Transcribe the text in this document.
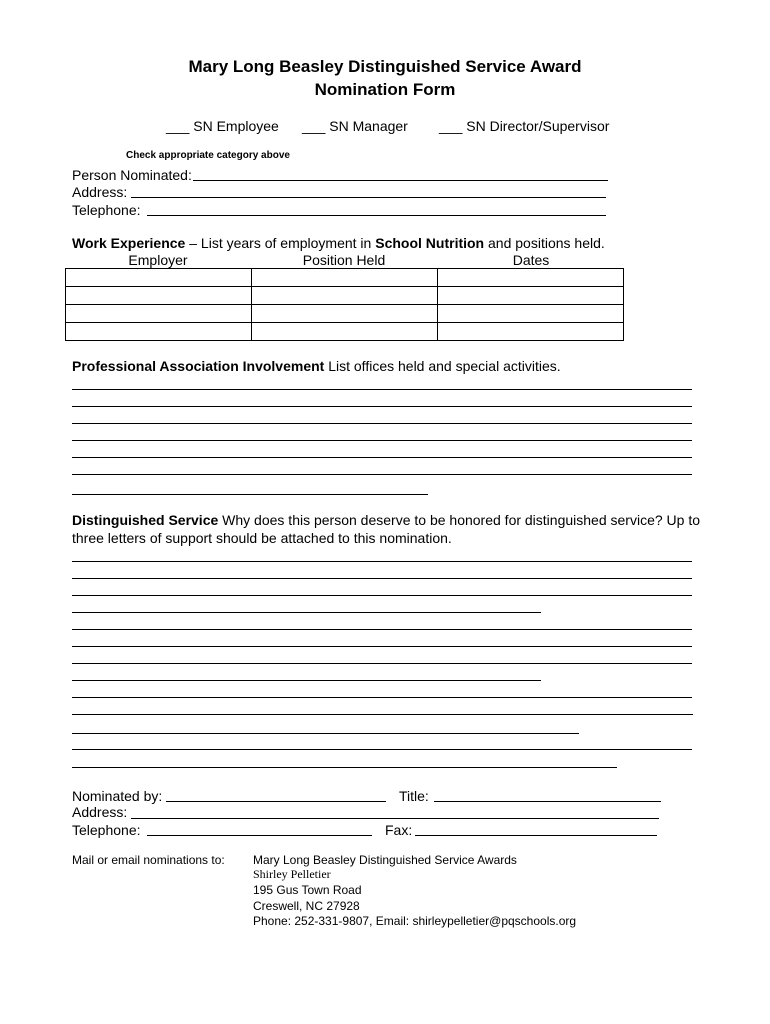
Mary Long Beasley Distinguished Service Award
Nomination Form
___ SN Employee ___ SN Manager ___ SN Director/Supervisor
Check appropriate category above
Person Nominated:
Address:
Telephone:
Work Experience – List years of employment in School Nutrition and positions held.
Employer	Position Held	Dates

Professional Association Involvement List offices held and special activities.
Distinguished Service Why does this person deserve to be honored for distinguished service? Up to
three letters of support should be attached to this nomination.
Nominated by:	Title:
Address:
Telephone:	Fax:
Mail or email nominations to: Mary Long Beasley Distinguished Service Awards
Shirley Pelletier
195 Gus Town Road
Creswell, NC 27928
Phone: 252-331-9807, Email: shirleypelletier@pqschools.org
